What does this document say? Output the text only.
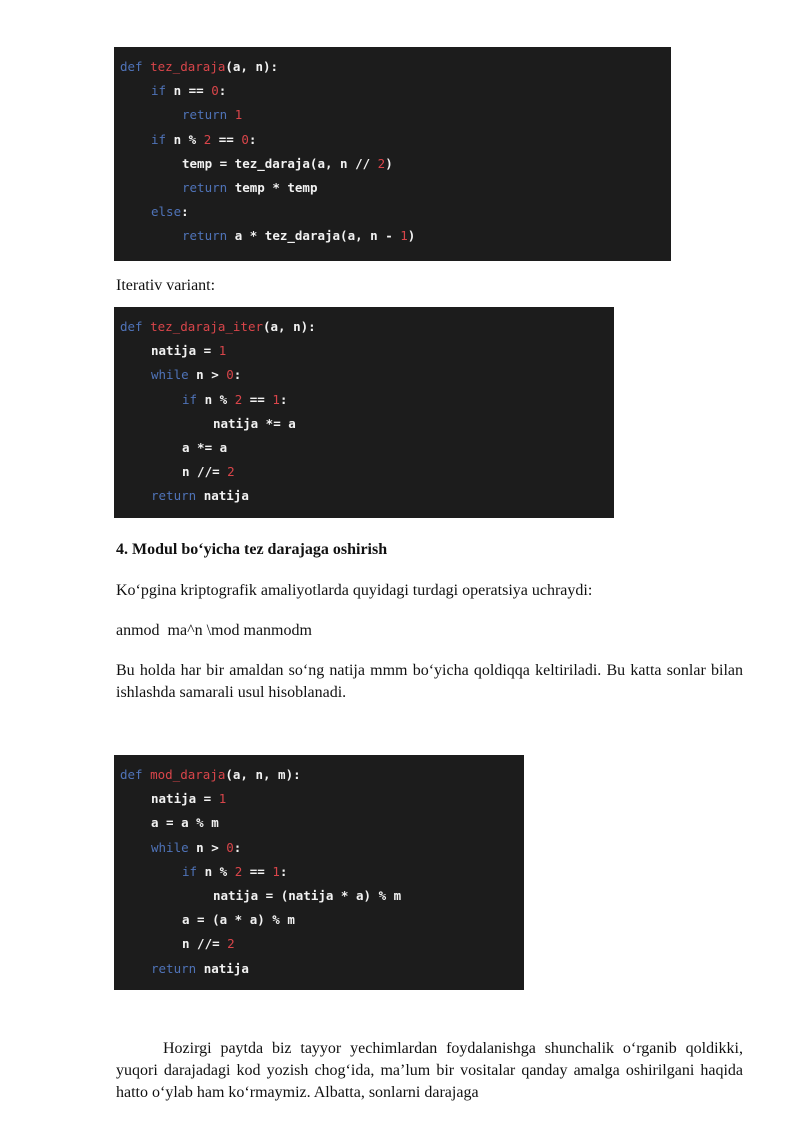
def tez_daraja(a, n):
if n == 0:
return 1
if n % 2 == 0:
temp = tez_daraja(a, n // 2)
return temp * temp
else:
return a * tez_daraja(a, n - 1)
Iterativ variant:
def tez_daraja_iter(a, n):
natija = 1
while n > 0:
if n % 2 == 1:
natija *= a
a *= a
n //= 2
return natija
4. Modul bo‘yicha tez darajaga oshirish
Ko‘pgina kriptografik amaliyotlarda quyidagi turdagi operatsiya uchraydi:
anmod  ma^n \mod manmodm
Bu holda har bir amaldan so‘ng natija mmm bo‘yicha qoldiqqa keltiriladi. Bu katta sonlar bilan ishlashda samarali usul hisoblanadi.
def mod_daraja(a, n, m):
natija = 1
a = a % m
while n > 0:
if n % 2 == 1:
natija = (natija * a) % m
a = (a * a) % m
n //= 2
return natija
Hozirgi paytda biz tayyor yechimlardan foydalanishga shunchalik o‘rganib qoldikki, yuqori darajadagi kod yozish chog‘ida, ma’lum bir vositalar qanday amalga oshirilgani haqida hatto o‘ylab ham ko‘rmaymiz. Albatta, sonlarni darajaga
